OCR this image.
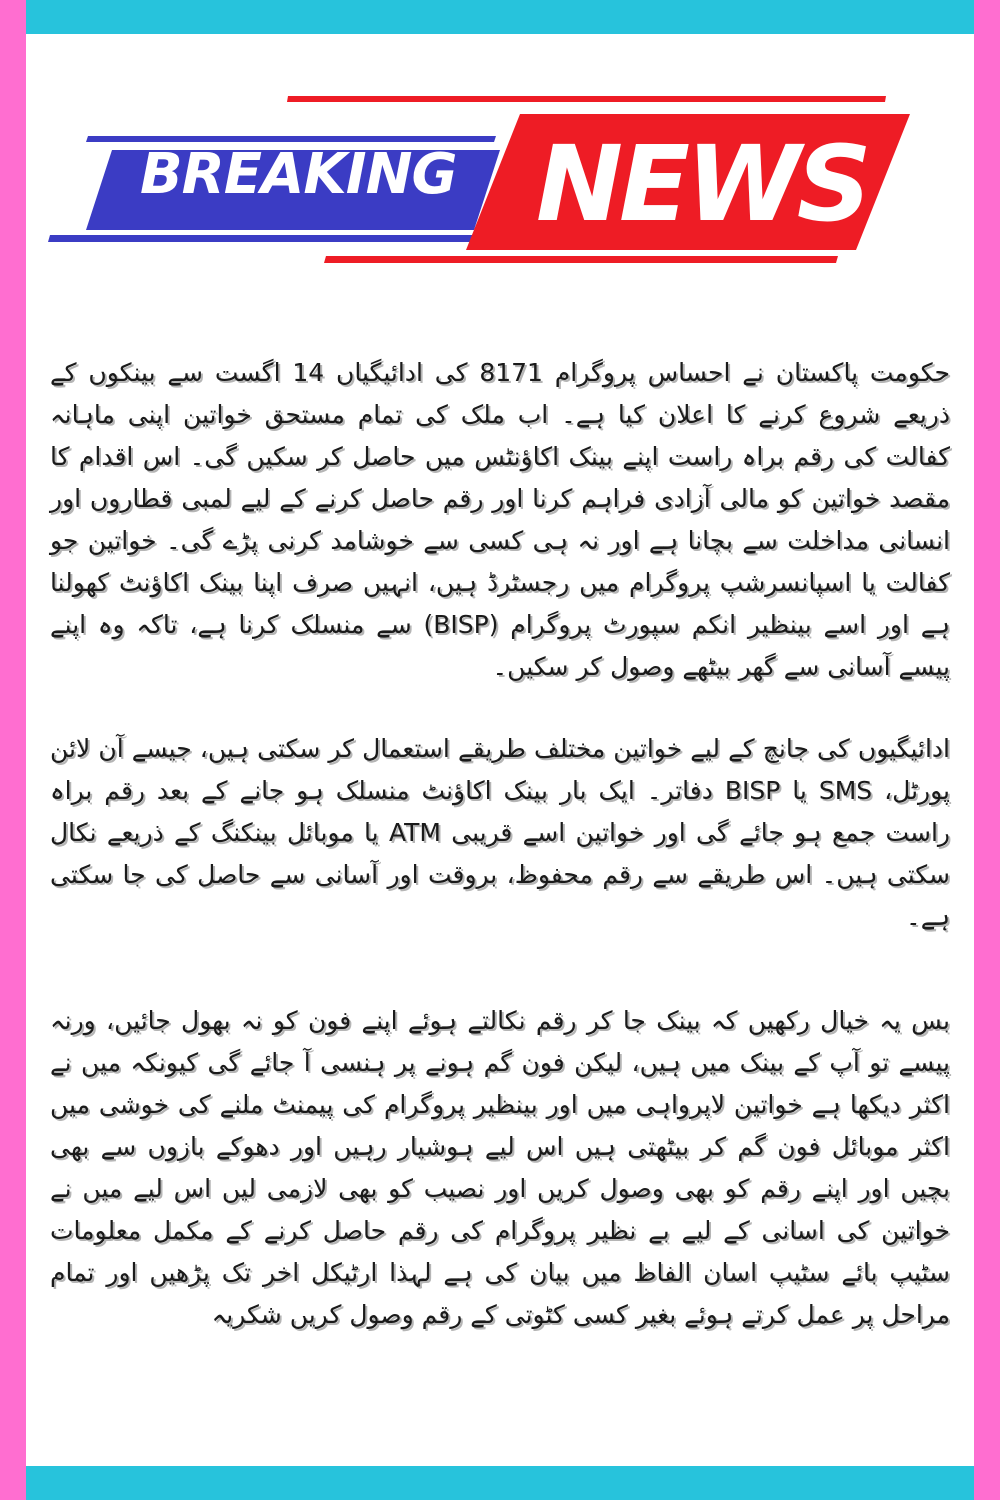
BREAKING NEWS

حکومت پاکستان نے احساس پروگرام 8171 کی ادائیگیاں 14 اگست سے بینکوں کے ذریعے شروع کرنے کا اعلان کیا ہے۔ اب ملک کی تمام مستحق خواتین اپنی ماہانہ کفالت کی رقم براہ راست اپنے بینک اکاؤنٹس میں حاصل کر سکیں گی۔ اس اقدام کا مقصد خواتین کو مالی آزادی فراہم کرنا اور رقم حاصل کرنے کے لیے لمبی قطاروں اور انسانی مداخلت سے بچانا ہے اور نہ ہی کسی سے خوشامد کرنی پڑے گی۔ خواتین جو کفالت یا اسپانسرشپ پروگرام میں رجسٹرڈ ہیں، انہیں صرف اپنا بینک اکاؤنٹ کھولنا ہے اور اسے بینظیر انکم سپورٹ پروگرام (BISP) سے منسلک کرنا ہے، تاکہ وہ اپنے پیسے آسانی سے گھر بیٹھے وصول کر سکیں۔

ادائیگیوں کی جانچ کے لیے خواتین مختلف طریقے استعمال کر سکتی ہیں، جیسے آن لائن پورٹل، SMS یا BISP دفاتر۔ ایک بار بینک اکاؤنٹ منسلک ہو جانے کے بعد رقم براہ راست جمع ہو جائے گی اور خواتین اسے قریبی ATM یا موبائل بینکنگ کے ذریعے نکال سکتی ہیں۔ اس طریقے سے رقم محفوظ، بروقت اور آسانی سے حاصل کی جا سکتی ہے۔

بس یہ خیال رکھیں کہ بینک جا کر رقم نکالتے ہوئے اپنے فون کو نہ بھول جائیں، ورنہ پیسے تو آپ کے بینک میں ہیں، لیکن فون گم ہونے پر ہنسی آ جائے گی کیونکہ میں نے اکثر دیکھا ہے خواتین لاپرواہی میں اور بینظیر پروگرام کی پیمنٹ ملنے کی خوشی میں اکثر موبائل فون گم کر بیٹھتی ہیں اس لیے ہوشیار رہیں اور دھوکے بازوں سے بھی بچیں اور اپنے رقم کو بھی وصول کریں اور نصیب کو بھی لازمی لیں اس لیے میں نے خواتین کی اسانی کے لیے بے نظیر پروگرام کی رقم حاصل کرنے کے مکمل معلومات سٹیپ بائے سٹیپ اسان الفاظ میں بیان کی ہے لہذا ارٹیکل اخر تک پڑھیں اور تمام مراحل پر عمل کرتے ہوئے بغیر کسی کٹوتی کے رقم وصول کریں شکریہ
